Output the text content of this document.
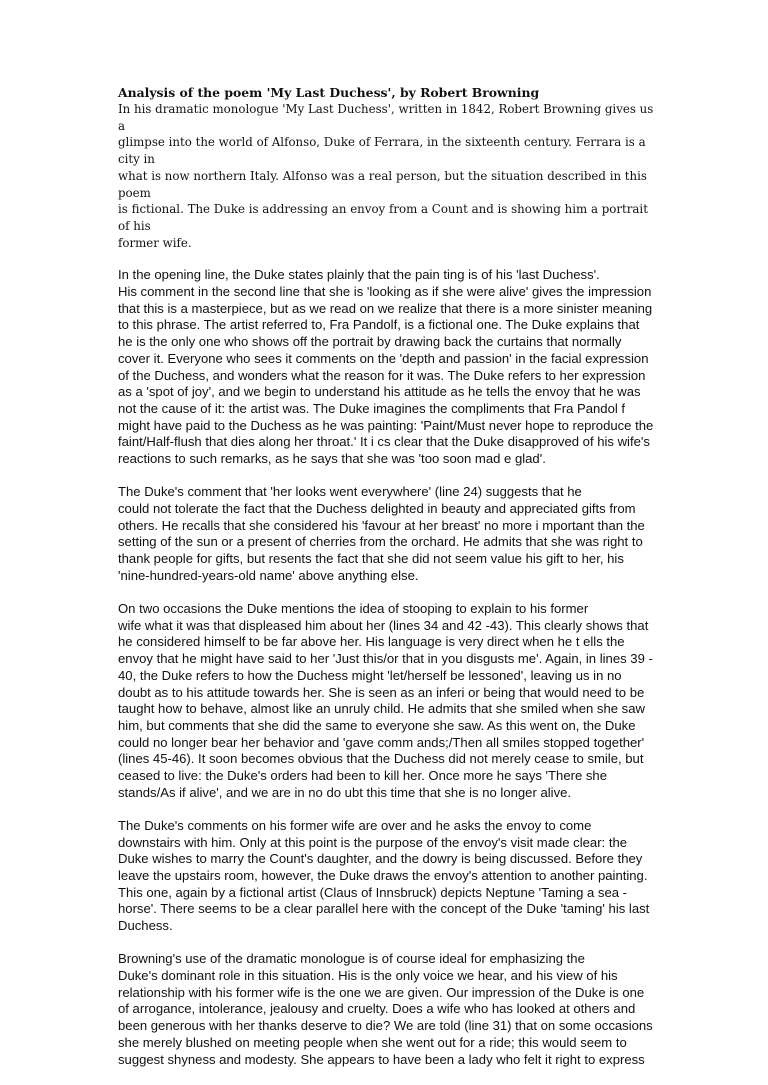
Analysis of the poem 'My Last Duchess', by Robert Browning

In his dramatic monologue 'My Last Duchess', written in 1842, Robert Browning gives us a
glimpse into the world of Alfonso, Duke of Ferrara, in the sixteenth century. Ferrara is a city in
what is now northern Italy. Alfonso was a real person, but the situation described in this poem
is fictional. The Duke is addressing an envoy from a Count and is showing him a portrait of his
former wife.

In the opening line, the Duke states plainly that the pain ting is of his 'last Duchess'.
His comment in the second line that she is 'looking as if she were alive' gives the impression
that this is a masterpiece, but as we read on we realize that there is a more sinister meaning
to this phrase. The artist referred to, Fra Pandolf, is a fictional one. The Duke explains that
he is the only one who shows off the portrait by drawing back the curtains that normally
cover it. Everyone who sees it comments on the 'depth and passion' in the facial expression
of the Duchess, and wonders what the reason for it was. The Duke refers to her expression
as a 'spot of joy', and we begin to understand his attitude as he tells the envoy that he was
not the cause of it: the artist was. The Duke imagines the compliments that Fra Pandol f
might have paid to the Duchess as he was painting: 'Paint/Must never hope to reproduce the
faint/Half-flush that dies along her throat.' It i cs clear that the Duke disapproved of his wife's
reactions to such remarks, as he says that she was 'too soon mad e glad'.

The Duke's comment that 'her looks went everywhere' (line 24) suggests that he
could not tolerate the fact that the Duchess delighted in beauty and appreciated gifts from
others. He recalls that she considered his 'favour at her breast' no more i mportant than the
setting of the sun or a present of cherries from the orchard. He admits that she was right to
thank people for gifts, but resents the fact that she did not seem value his gift to her, his
'nine-hundred-years-old name' above anything else.

On two occasions the Duke mentions the idea of stooping to explain to his former
wife what it was that displeased him about her (lines 34 and 42 -43). This clearly shows that
he considered himself to be far above her. His language is very direct when he t ells the
envoy that he might have said to her 'Just this/or that in you disgusts me'. Again, in lines 39 -
40, the Duke refers to how the Duchess might 'let/herself be lessoned', leaving us in no
doubt as to his attitude towards her. She is seen as an inferi or being that would need to be
taught how to behave, almost like an unruly child. He admits that she smiled when she saw
him, but comments that she did the same to everyone she saw. As this went on, the Duke
could no longer bear her behavior and 'gave comm ands;/Then all smiles stopped together'
(lines 45-46). It soon becomes obvious that the Duchess did not merely cease to smile, but
ceased to live: the Duke's orders had been to kill her. Once more he says 'There she
stands/As if alive', and we are in no do ubt this time that she is no longer alive.

The Duke's comments on his former wife are over and he asks the envoy to come
downstairs with him. Only at this point is the purpose of the envoy's visit made clear: the
Duke wishes to marry the Count's daughter, and the dowry is being discussed. Before they
leave the upstairs room, however, the Duke draws the envoy's attention to another painting.
This one, again by a fictional artist (Claus of Innsbruck) depicts Neptune 'Taming a sea -
horse'. There seems to be a clear parallel here with the concept of the Duke 'taming' his last
Duchess.

Browning's use of the dramatic monologue is of course ideal for emphasizing the
Duke's dominant role in this situation. His is the only voice we hear, and his view of his
relationship with his former wife is the one we are given. Our impression of the Duke is one
of arrogance, intolerance, jealousy and cruelty. Does a wife who has looked at others and
been generous with her thanks deserve to die? We are told (line 31) that on some occasions
she merely blushed on meeting people when she went out for a ride; this would seem to
suggest shyness and modesty. She appears to have been a lady who felt it right to express
